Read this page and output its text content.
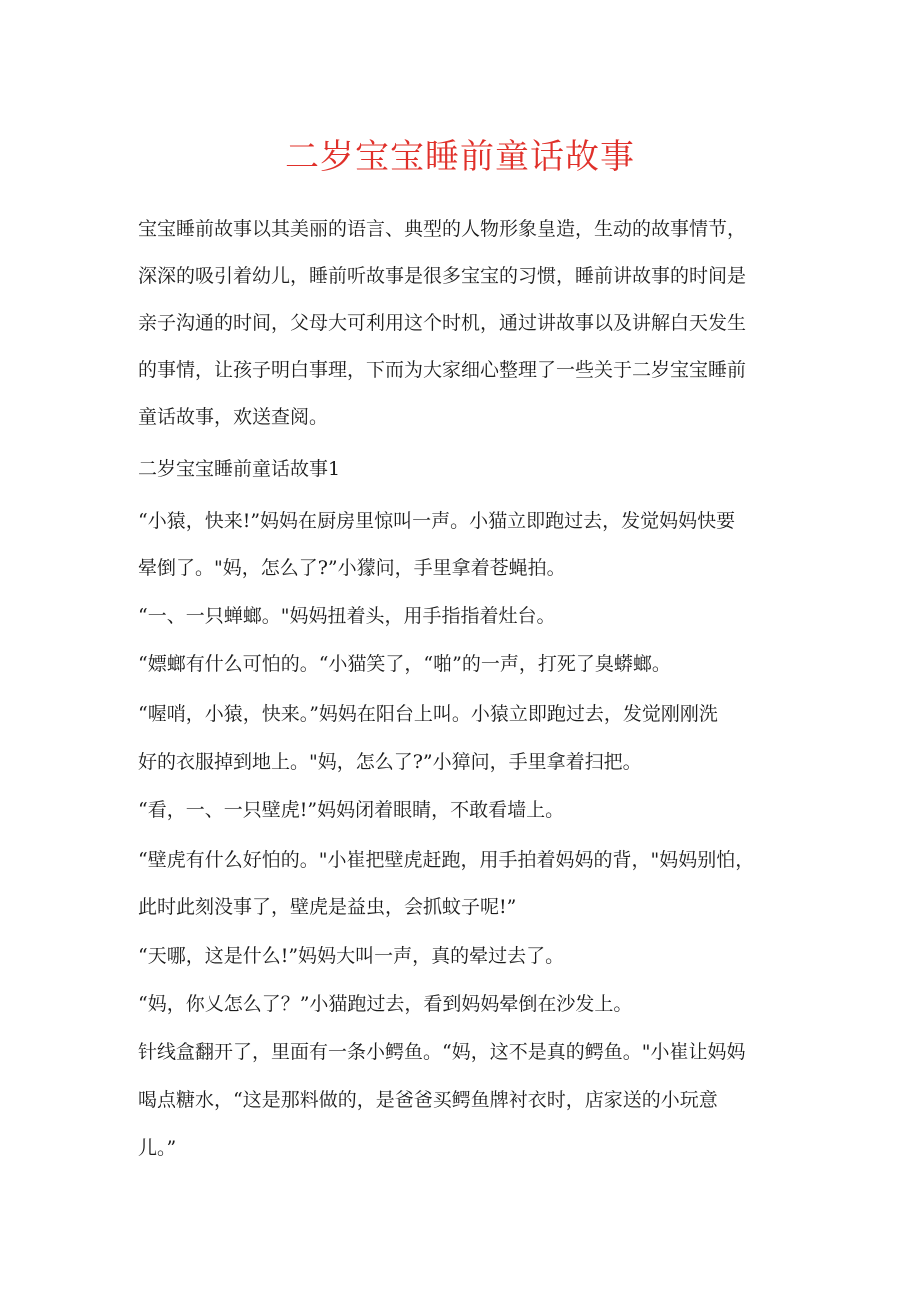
二岁宝宝睡前童话故事

宝宝睡前故事以其美丽的语言、典型的人物形象皇造，生动的故事情节，

深深的吸引着幼儿，睡前听故事是很多宝宝的习惯，睡前讲故事的时间是

亲子沟通的时间，父母大可利用这个时机，通过讲故事以及讲解白天发生

的事情，让孩子明白事理，下而为大家细心整理了一些关于二岁宝宝睡前

童话故事，欢送查阅。

二岁宝宝睡前童话故事1

“小猿，快来!”妈妈在厨房里惊叫一声。小猫立即跑过去，发觉妈妈快要

晕倒了。"妈，怎么了?”小獴问，手里拿着苍蝇拍。

“一、一只蝉螂。"妈妈扭着头，用手指指着灶台。

“嫖螂有什么可怕的。“小猫笑了，“啪”的一声，打死了臭蟒螂。

“喔哨，小猿，快来。”妈妈在阳台上叫。小猿立即跑过去，发觉刚刚洗

好的衣服掉到地上。"妈，怎么了?”小獐问，手里拿着扫把。

“看，一、一只壁虎!”妈妈闭着眼睛，不敢看墙上。

“壁虎有什么好怕的。"小崔把壁虎赶跑，用手拍着妈妈的背，"妈妈别怕，

此时此刻没事了，壁虎是益虫，会抓蚊子呢!”

“天哪，这是什么!”妈妈大叫一声，真的晕过去了。

“妈，你乂怎么了？”小猫跑过去，看到妈妈晕倒在沙发上。

针线盒翻开了，里面有一条小鳄鱼。“妈，这不是真的鳄鱼。"小崔让妈妈

喝点糖水，“这是那料做的，是爸爸买鳄鱼牌衬衣时，店家送的小玩意

儿。”
